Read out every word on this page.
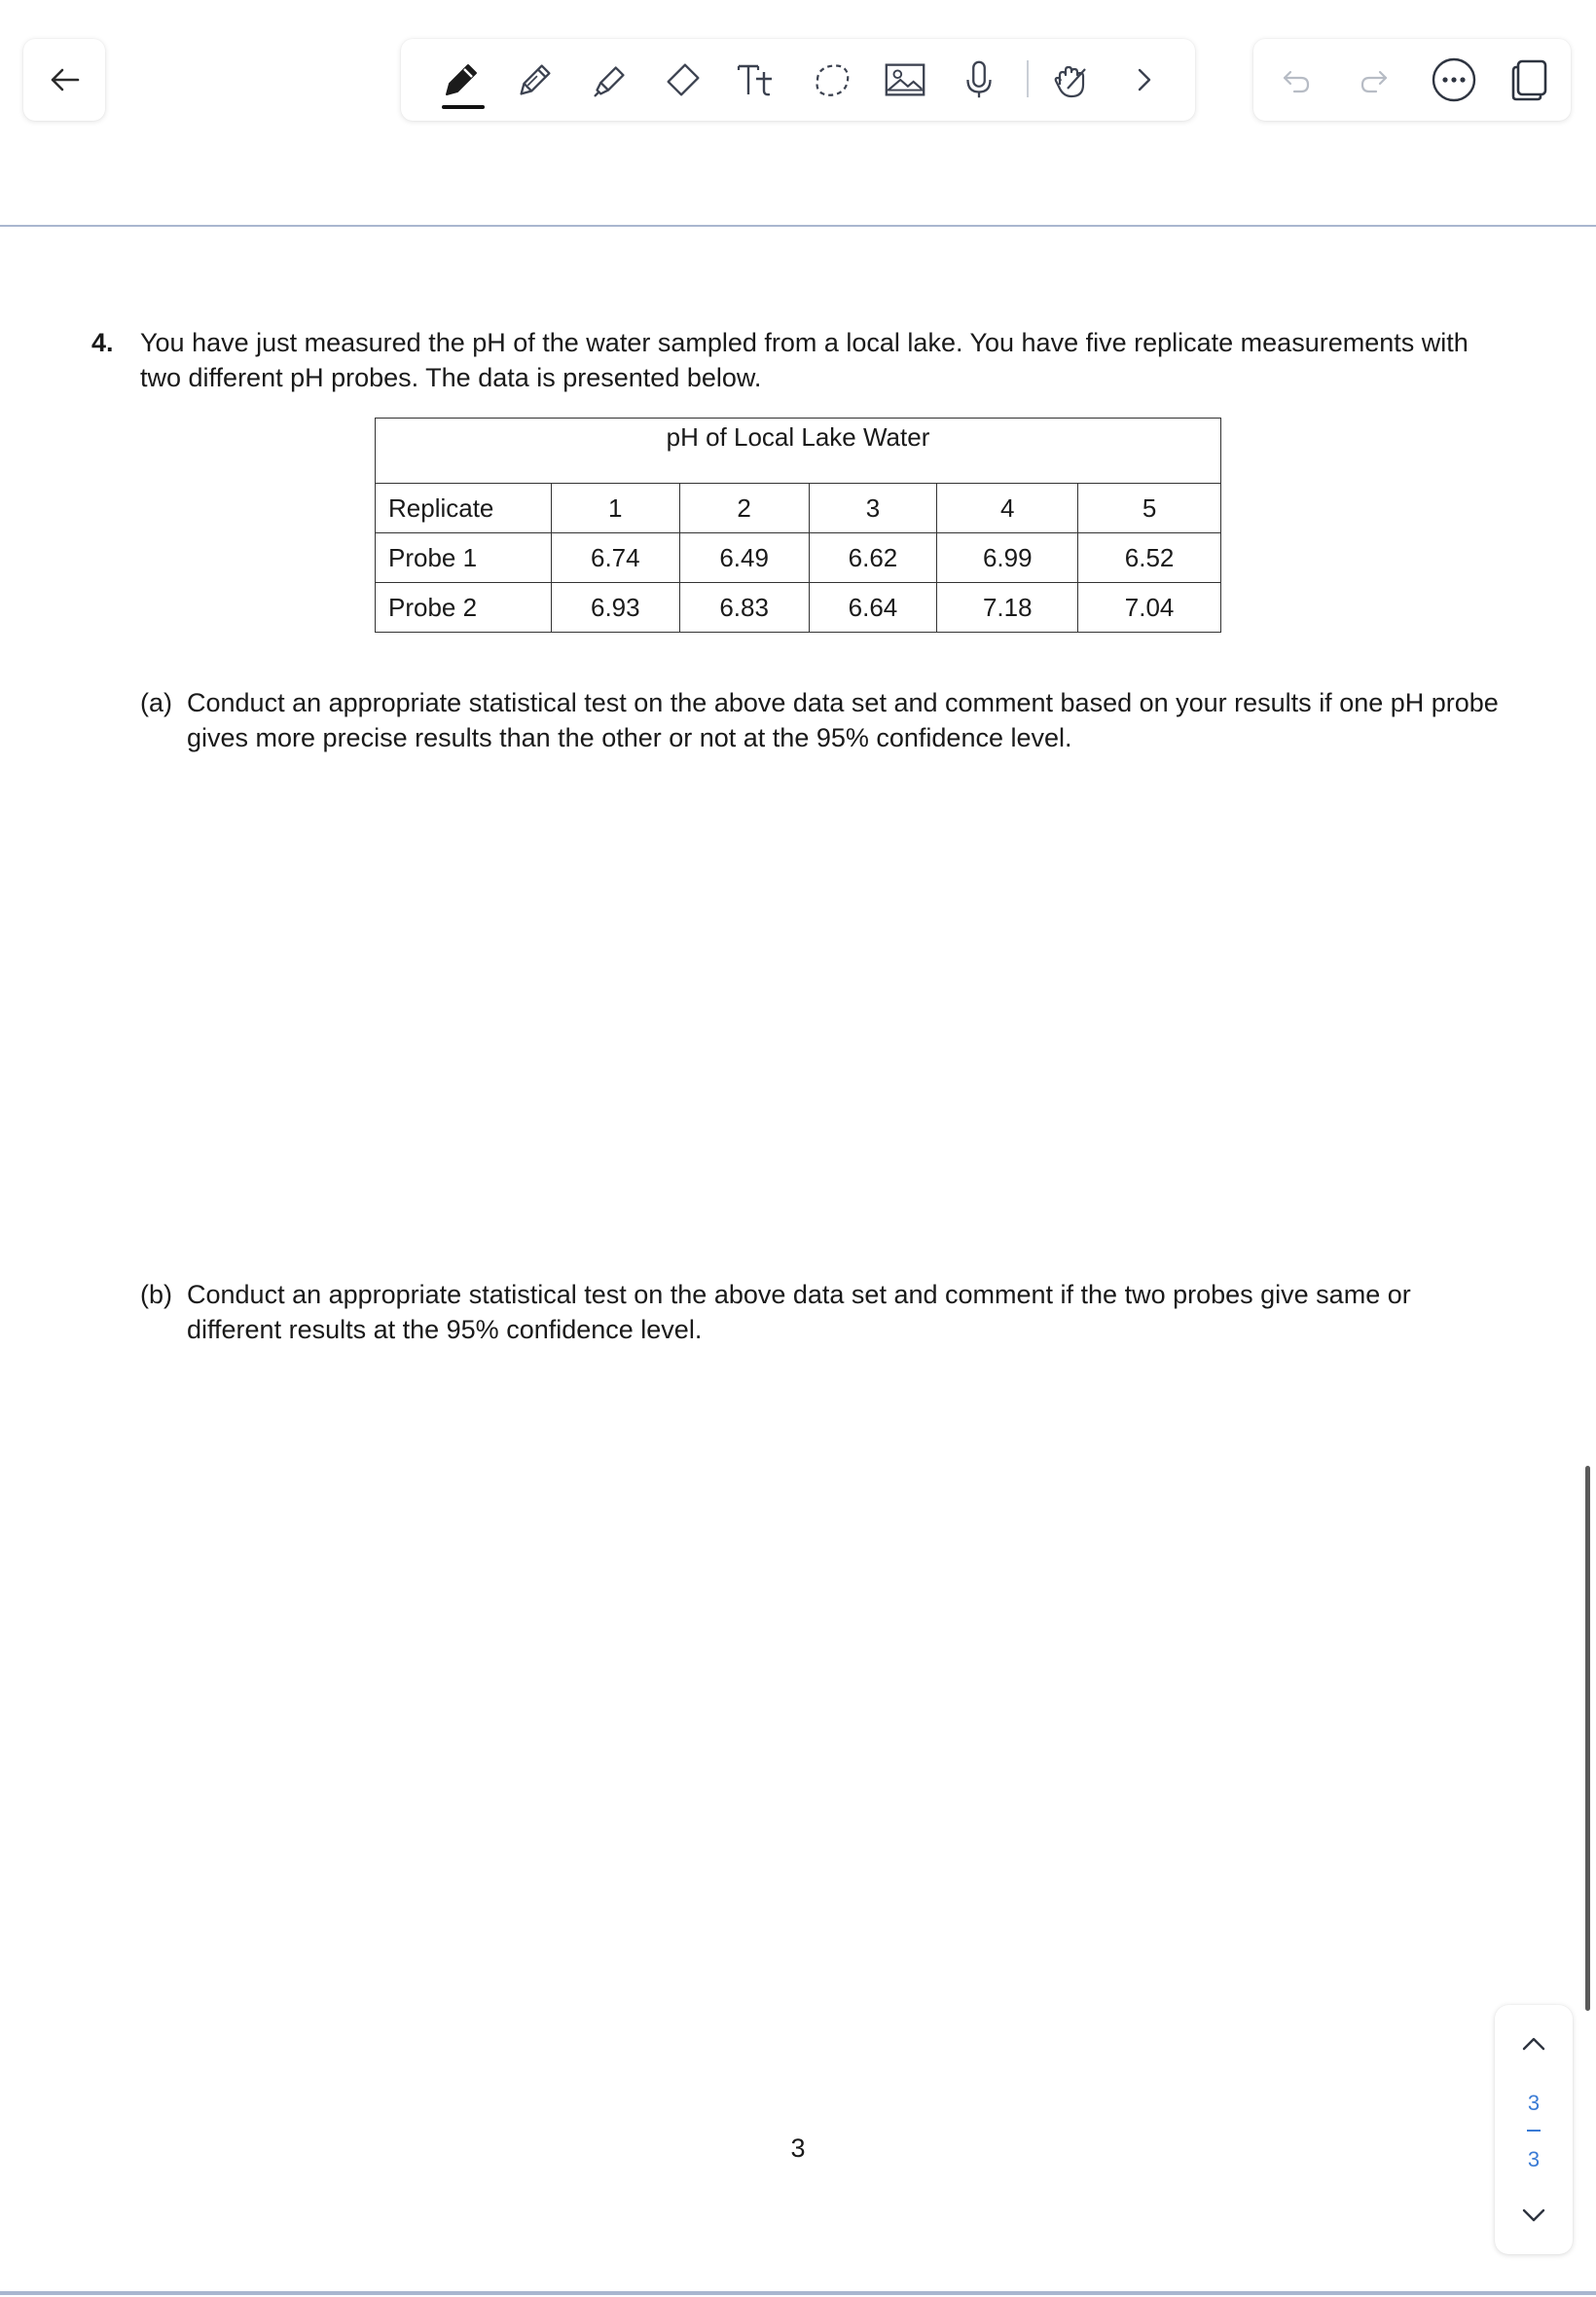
4. You have just measured the pH of the water sampled from a local lake. You have five replicate measurements with two different pH probes. The data is presented below.
pH of Local Lake Water					
Replicate	1	2	3	4	5
Probe 1	6.74	6.49	6.62	6.99	6.52
Probe 2	6.93	6.83	6.64	7.18	7.04
(a) Conduct an appropriate statistical test on the above data set and comment based on your results if one pH probe gives more precise results than the other or not at the 95% confidence level.
(b) Conduct an appropriate statistical test on the above data set and comment if the two probes give same or different results at the 95% confidence level.
3
3
3
